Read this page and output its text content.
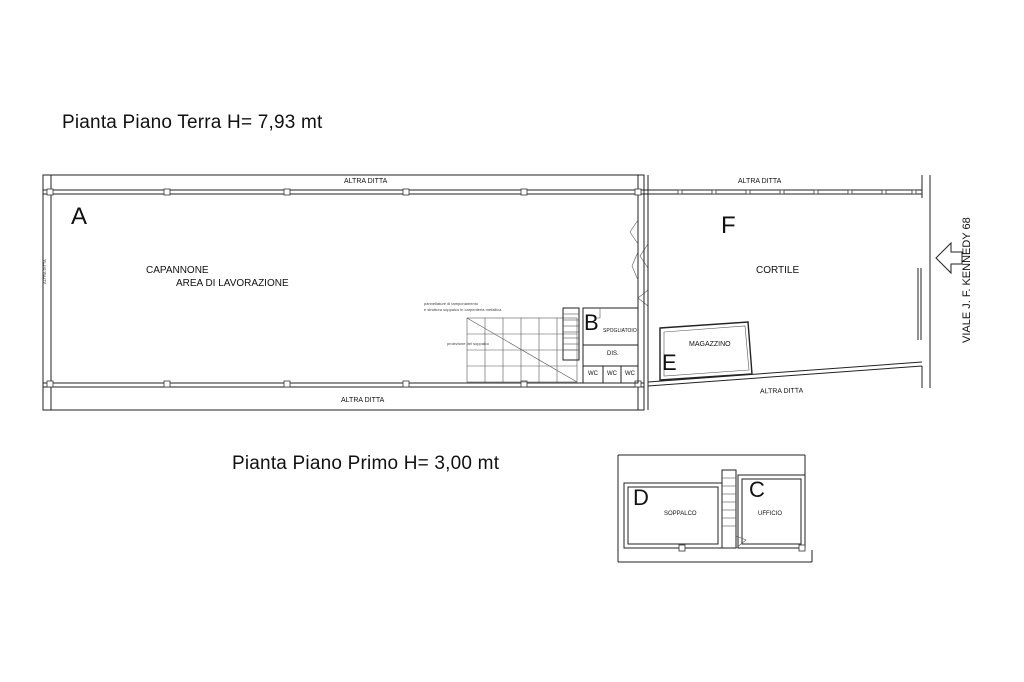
Pianta Piano Terra H= 7,93 mt
Pianta Piano Primo H= 3,00 mt
ALTRA DITTA	ALTRA DITTA
ALTRA DITTA
ALTRA DITTA
ALTRA DITTA
A
B
E
F
D	C
CAPANNONE
AREA DI LAVORAZIONE
CORTILE
MAGAZZINO
SPOGLIATOIO
DIS.
WC WC WC
SOPPALCO	UFFICIO
pannellature di tamponamento
e struttura soppalco in carpenteria metallica
proiezione del soppalco
VIALE J. F. KENNEDY 68
